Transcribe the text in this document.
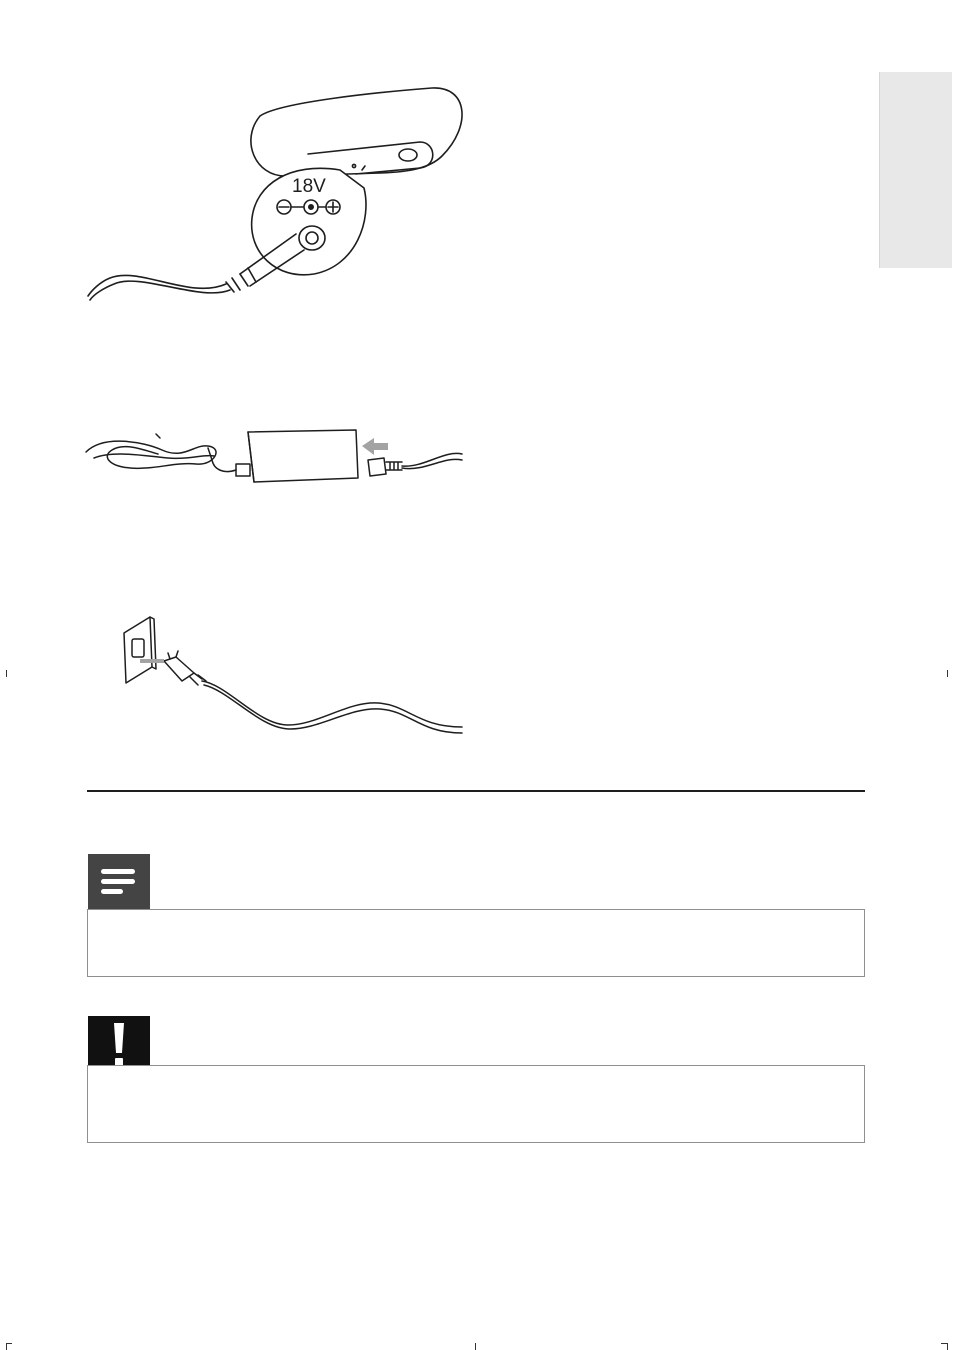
18V
